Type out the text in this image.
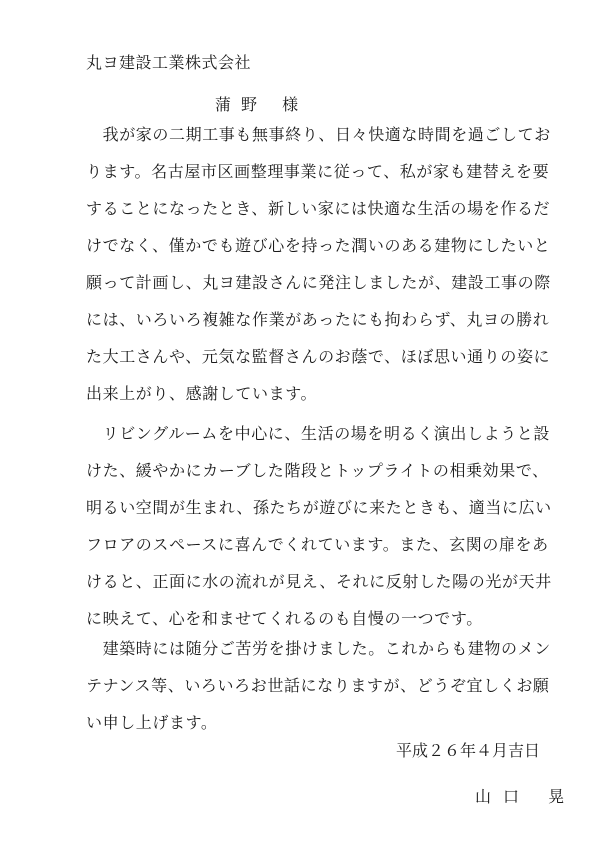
丸ヨ建設工業株式会社
蒲野 様
　我が家の二期工事も無事終り、日々快適な時間を過ごしてお
ります。名古屋市区画整理事業に従って、私が家も建替えを要
することになったとき、新しい家には快適な生活の場を作るだ
けでなく、僅かでも遊び心を持った潤いのある建物にしたいと
願って計画し、丸ヨ建設さんに発注しましたが、建設工事の際
には、いろいろ複雑な作業があったにも拘わらず、丸ヨの勝れ
た大工さんや、元気な監督さんのお蔭で、ほぼ思い通りの姿に
出来上がり、感謝しています。
　リビングルームを中心に、生活の場を明るく演出しようと設
けた、緩やかにカーブした階段とトップライトの相乗効果で、
明るい空間が生まれ、孫たちが遊びに来たときも、適当に広い
フロアのスペースに喜んでくれています。また、玄関の扉をあ
けると、正面に水の流れが見え、それに反射した陽の光が天井
に映えて、心を和ませてくれるのも自慢の一つです。
　建築時には随分ご苦労を掛けました。これからも建物のメン
テナンス等、いろいろお世話になりますが、どうぞ宜しくお願
い申し上げます。
平成２６年４月吉日
山口 晃
